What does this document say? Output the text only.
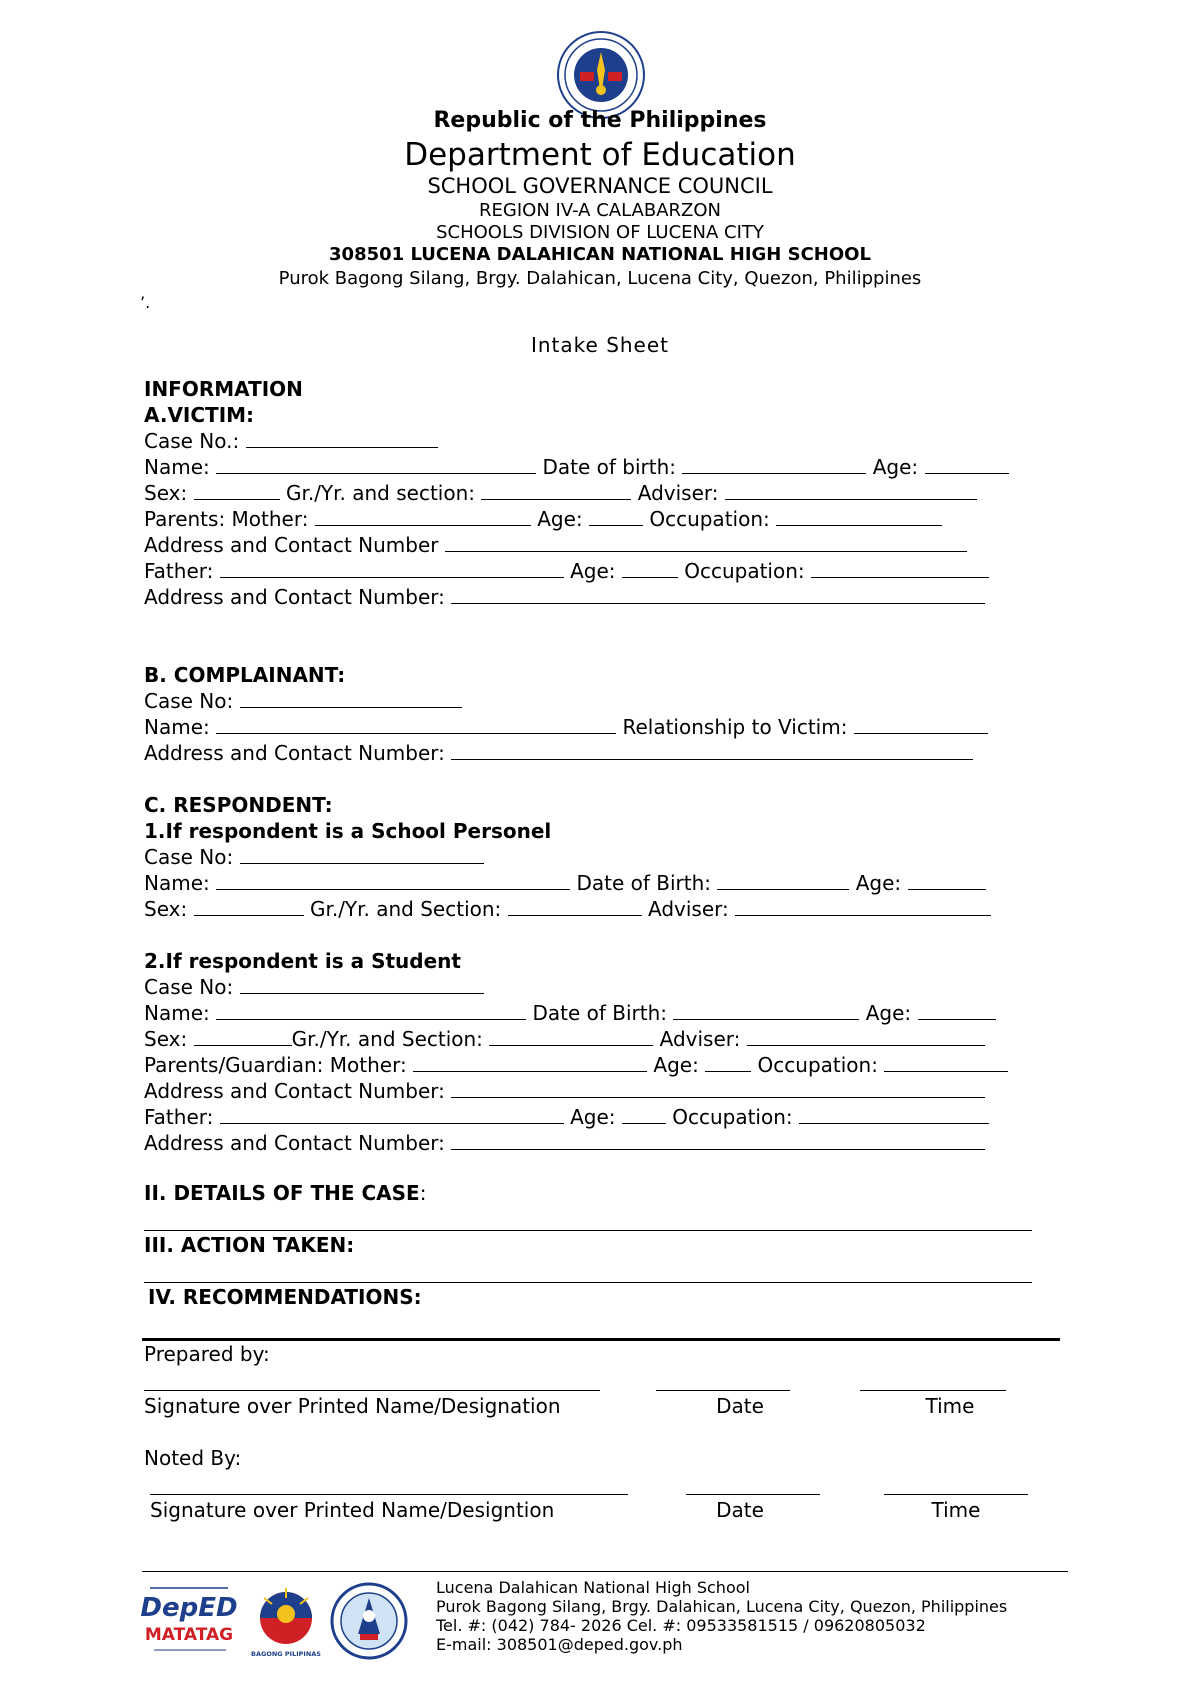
Republic of the Philippines
Department of Education
SCHOOL GOVERNANCE COUNCIL
REGION IV-A CALABARZON
SCHOOLS DIVISION OF LUCENA CITY
308501 LUCENA DALAHICAN NATIONAL HIGH SCHOOL
Purok Bagong Silang, Brgy. Dalahican, Lucena City, Quezon, Philippines
’.
Intake Sheet
INFORMATION
A.VICTIM:
Case No.:

Name:

	Date of birth:

	Age:

Sex:

	Gr./Yr. and section:

	Adviser:

Parents: Mother:

	Age:

	Occupation:

Address and Contact Number

Father:

	Age:

	Occupation:

Address and Contact Number:

B. COMPLAINANT:
Case No:

Name:

	Relationship to Victim:

Address and Contact Number:

C. RESPONDENT:
1.If respondent is a School Personel
Case No:

Name:

	Date of Birth:

	Age:

Sex:

	Gr./Yr. and Section:

	Adviser:

2.If respondent is a Student
Case No:

Name:

	Date of Birth:

	Age:

Sex:
	Gr./Yr. and Section:

	Adviser:

Parents/Guardian: Mother:

	Age:

	Occupation:

Address and Contact Number:

Father:

	Age:

	Occupation:

Address and Contact Number:

II. DETAILS OF THE CASE :
III. ACTION TAKEN:
IV. RECOMMENDATIONS:
Prepared by:
Signature over Printed Name/Designation	Date	Time
Noted By:
Signature over Printed Name/Designtion	Date	Time
DepED
MATATAG
BAGONG PILIPINAS
Lucena Dalahican National High School
Purok Bagong Silang, Brgy. Dalahican, Lucena City, Quezon, Philippines
Tel. #: (042) 784- 2026 Cel. #: 09533581515 / 09620805032
E-mail: 308501@deped.gov.ph
